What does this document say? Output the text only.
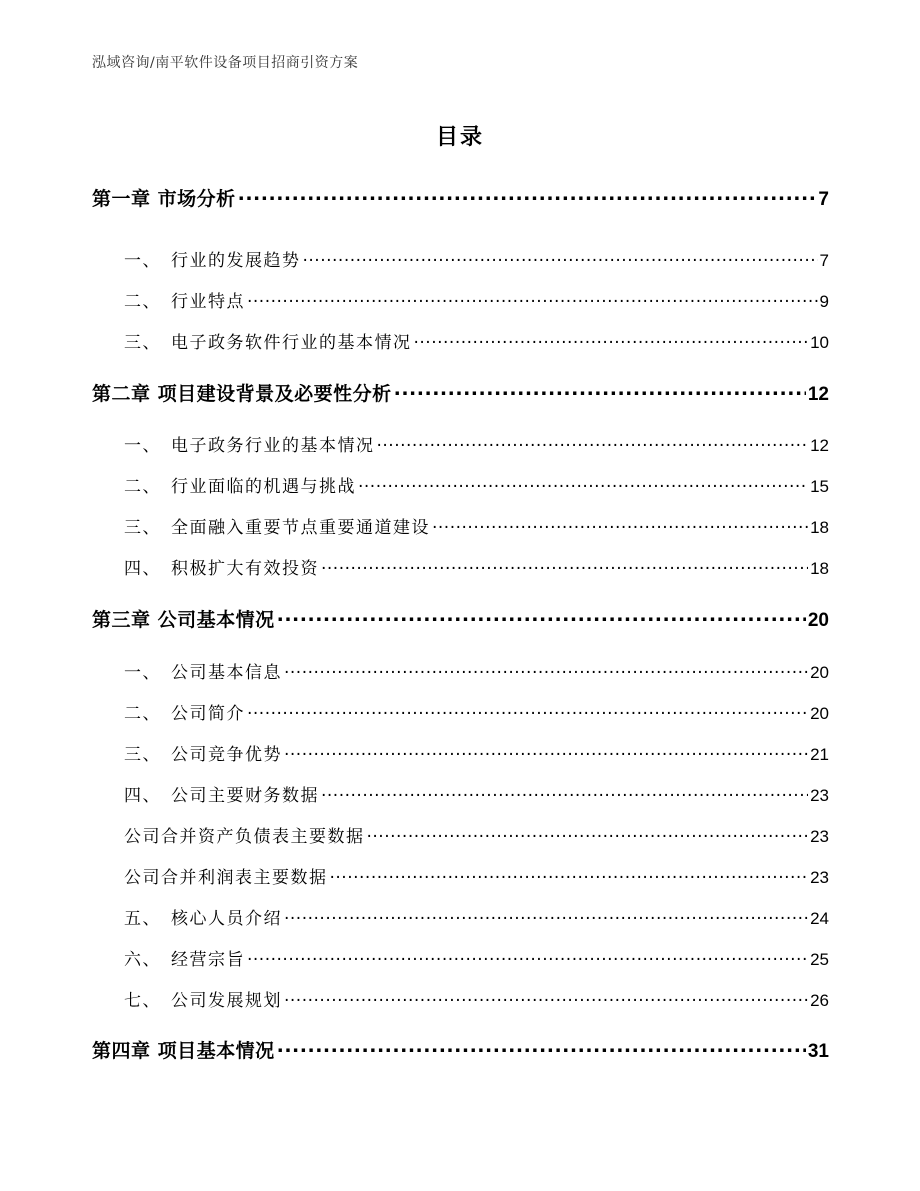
泓域咨询/南平软件设备项目招商引资方案
目录
第一章 市场分析 .....	7
一、 行业的发展趋势 .....	7
二、 行业特点 .....	9
三、 电子政务软件行业的基本情况 .....	10
第二章 项目建设背景及必要性分析 .....	12
一、 电子政务行业的基本情况 .....	12
二、 行业面临的机遇与挑战 .....	15
三、 全面融入重要节点重要通道建设 .....	18
四、 积极扩大有效投资 .....	18
第三章 公司基本情况 .....	20
一、 公司基本信息 .....	20
二、 公司简介 .....	20
三、 公司竞争优势 .....	21
四、 公司主要财务数据 .....	23
公司合并资产负债表主要数据 .....	23
公司合并利润表主要数据 .....	23
五、 核心人员介绍 .....	24
六、 经营宗旨 .....	25
七、 公司发展规划 .....	26
第四章 项目基本情况 .....	31
